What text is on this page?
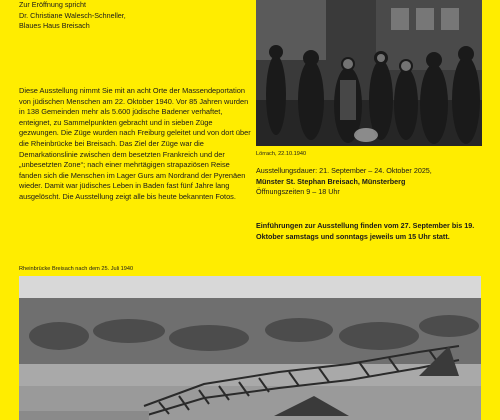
Zur Eröffnung spricht
Dr. Christiane Walesch-Schneller,
Blaues Haus Breisach
Diese Ausstellung nimmt Sie mit an acht Orte der Massendeportation von jüdischen Menschen am 22. Oktober 1940. Vor 85 Jahren wurden in 138 Gemeinden mehr als 5.600 jüdische Badener verhaftet, enteignet, zu Sammelpunkten gebracht und in sieben Züge gezwungen. Die Züge wurden nach Freiburg geleitet und von dort über die Rheinbrücke bei Breisach. Das Ziel der Züge war die Demarkationslinie zwischen dem besetzten Frankreich und der „unbesetzten Zone“; nach einer mehrtägigen strapaziösen Reise fanden sich die Menschen im Lager Gurs am Nordrand der Pyrenäen wieder. Damit war jüdisches Leben in Baden fast fünf Jahre lang ausgelöscht. Die Ausstellung zeigt alle bis heute bekannten Fotos.
Lörrach, 22.10.1940
Ausstellungsdauer: 21. September – 24. Oktober 2025,
Münster St. Stephan Breisach, Münsterberg
Öffnungszeiten 9 – 18 Uhr
Einführungen zur Ausstellung finden vom 27. September bis 19. Oktober samstags und sonntags jeweils um 15 Uhr statt.
Rheinbrücke Breisach nach dem 25. Juli 1940
